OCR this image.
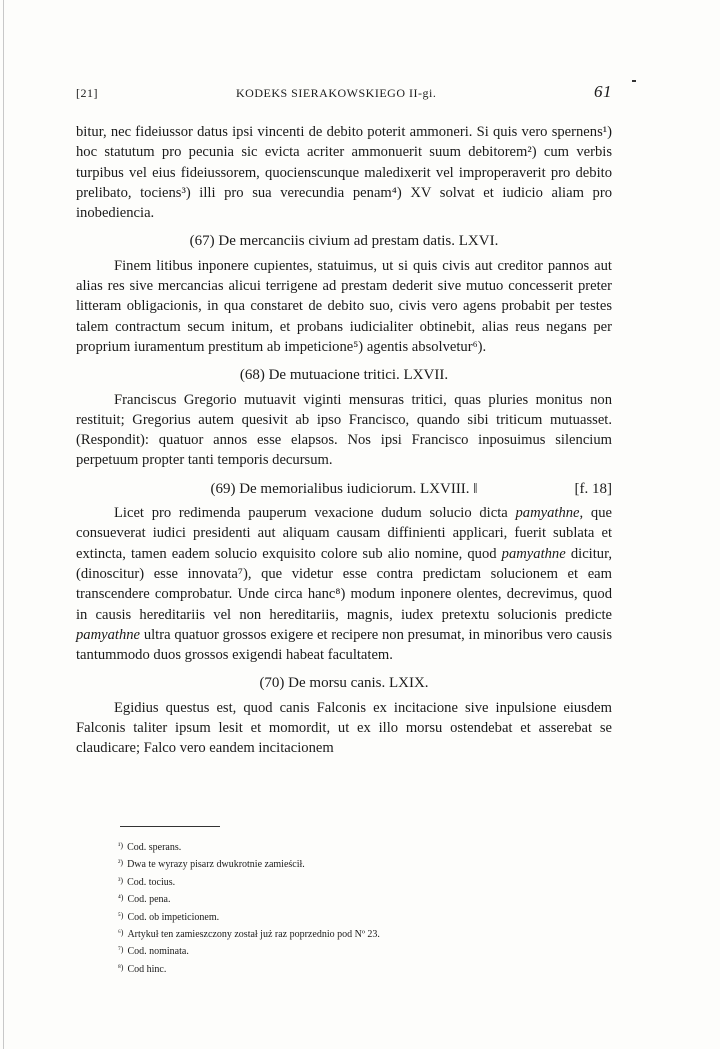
[21]	KODEKS SIERAKOWSKIEGO II-gi.	61

bitur, nec fideiussor datus ipsi vincenti de debito poterit ammoneri. Si quis vero spernens¹) hoc statutum pro pecunia sic evicta acriter ammonuerit suum debitorem²) cum verbis turpibus vel eius fideiussorem, quocienscunque maledixerit vel improperaverit pro debito prelibato, tociens³) illi pro sua verecundia penam⁴) XV solvat et iudicio aliam pro inobediencia.

(67) De mercanciis civium ad prestam datis. LXVI.

Finem litibus inponere cupientes, statuimus, ut si quis civis aut creditor pannos aut alias res sive mercancias alicui terrigene ad prestam dederit sive mutuo concesserit preter litteram obligacionis, in qua constaret de debito suo, civis vero agens probabit per testes talem contractum secum initum, et probans iudicialiter obtinebit, alias reus negans per proprium iuramentum prestitum ab impeticione⁵) agentis absolvetur⁶).

(68) De mutuacione tritici. LXVII.

Franciscus Gregorio mutuavit viginti mensuras tritici, quas pluries monitus non restituit; Gregorius autem quesivit ab ipso Francisco, quando sibi triticum mutuasset. (Respondit): quatuor annos esse elapsos. Nos ipsi Francisco inposuimus silencium perpetuum propter tanti temporis decursum.

(69) De memorialibus iudiciorum. LXVIII. ‖	[f. 18]

Licet pro redimenda pauperum vexacione dudum solucio dicta pamyathne, que consueverat iudici presidenti aut aliquam causam diffinienti applicari, fuerit sublata et extincta, tamen eadem solucio exquisito colore sub alio nomine, quod pamyathne dicitur, (dinoscitur) esse innovata⁷), que videtur esse contra predictam solucionem et eam transcendere comprobatur. Unde circa hanc⁸) modum inponere olentes, decrevimus, quod in causis hereditariis vel non hereditariis, magnis, iudex pretextu solucionis predicte pamyathne ultra quatuor grossos exigere et recipere non presumat, in minoribus vero causis tantummodo duos grossos exigendi habeat facultatem.

(70) De morsu canis. LXIX.

Egidius questus est, quod canis Falconis ex incitacione sive inpulsione eiusdem Falconis taliter ipsum lesit et momordit, ut ex illo morsu ostendebat et asserebat se claudicare; Falco vero eandem incitacionem

$^{^1)}$ Cod. sperans.
$^{^2)}$ Dwa te wyrazy pisarz dwukrotnie zamieścił.
$^{^3)}$ Cod. tocius.
$^{^4)}$ Cod. pena.
$^{^5)}$ Cod. ob impeticionem.
$^{^6)}$ Artykuł ten zamieszczony został już raz poprzednio pod Nº 23.
$^{^7)}$ Cod. nominata.
$^{^8)}$ Cod hinc.
